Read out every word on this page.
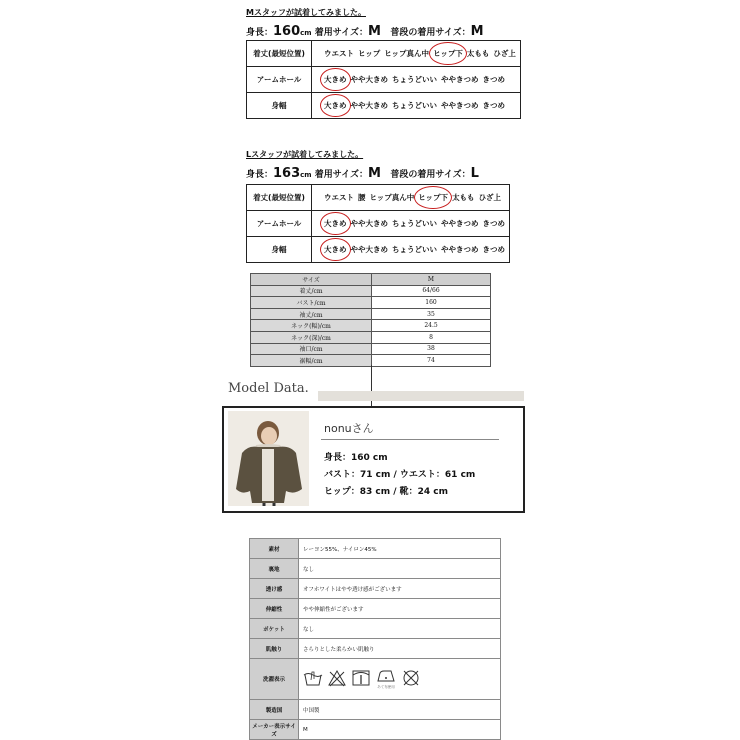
Mスタッフが試着してみました。
身長：160cm 着用サイズ：M 普段の着用サイズ：M
着丈(最短位置)	ウエスト ヒップ ヒップ真ん中 ヒップ下 太もも ひざ上
アームホール	大きめ やや大きめ ちょうどいい ややきつめ きつめ
身幅	大きめ やや大きめ ちょうどいい ややきつめ きつめ
Lスタッフが試着してみました。
身長：163cm 着用サイズ：M 普段の着用サイズ：L
着丈(最短位置)	ウエスト 腰 ヒップ真ん中 ヒップ下 太もも ひざ上
アームホール	大きめ やや大きめ ちょうどいい ややきつめ きつめ
身幅	大きめ やや大きめ ちょうどいい ややきつめ きつめ
サイズ	M
着丈/cm	64/66
バスト/cm	160
袖丈/cm	35
ネック(幅)/cm	24.5
ネック(深)/cm	8
袖口/cm	38
裾幅/cm	74
Model Data.
nonuさん
身長：160 cm
バスト：71 cm / ウエスト：61 cm
ヒップ：83 cm / 靴：24 cm
素材	レーヨン55%、ナイロン45%
裏地	なし
透け感	オフホワイトはやや透け感がございます
伸縮性	やや伸縮性がございます
ポケット	なし
肌触り	さらりとした柔らかい肌触り
洗濯表示	あて布使用

製造国	中国製
メーカー表示サイズ	M
